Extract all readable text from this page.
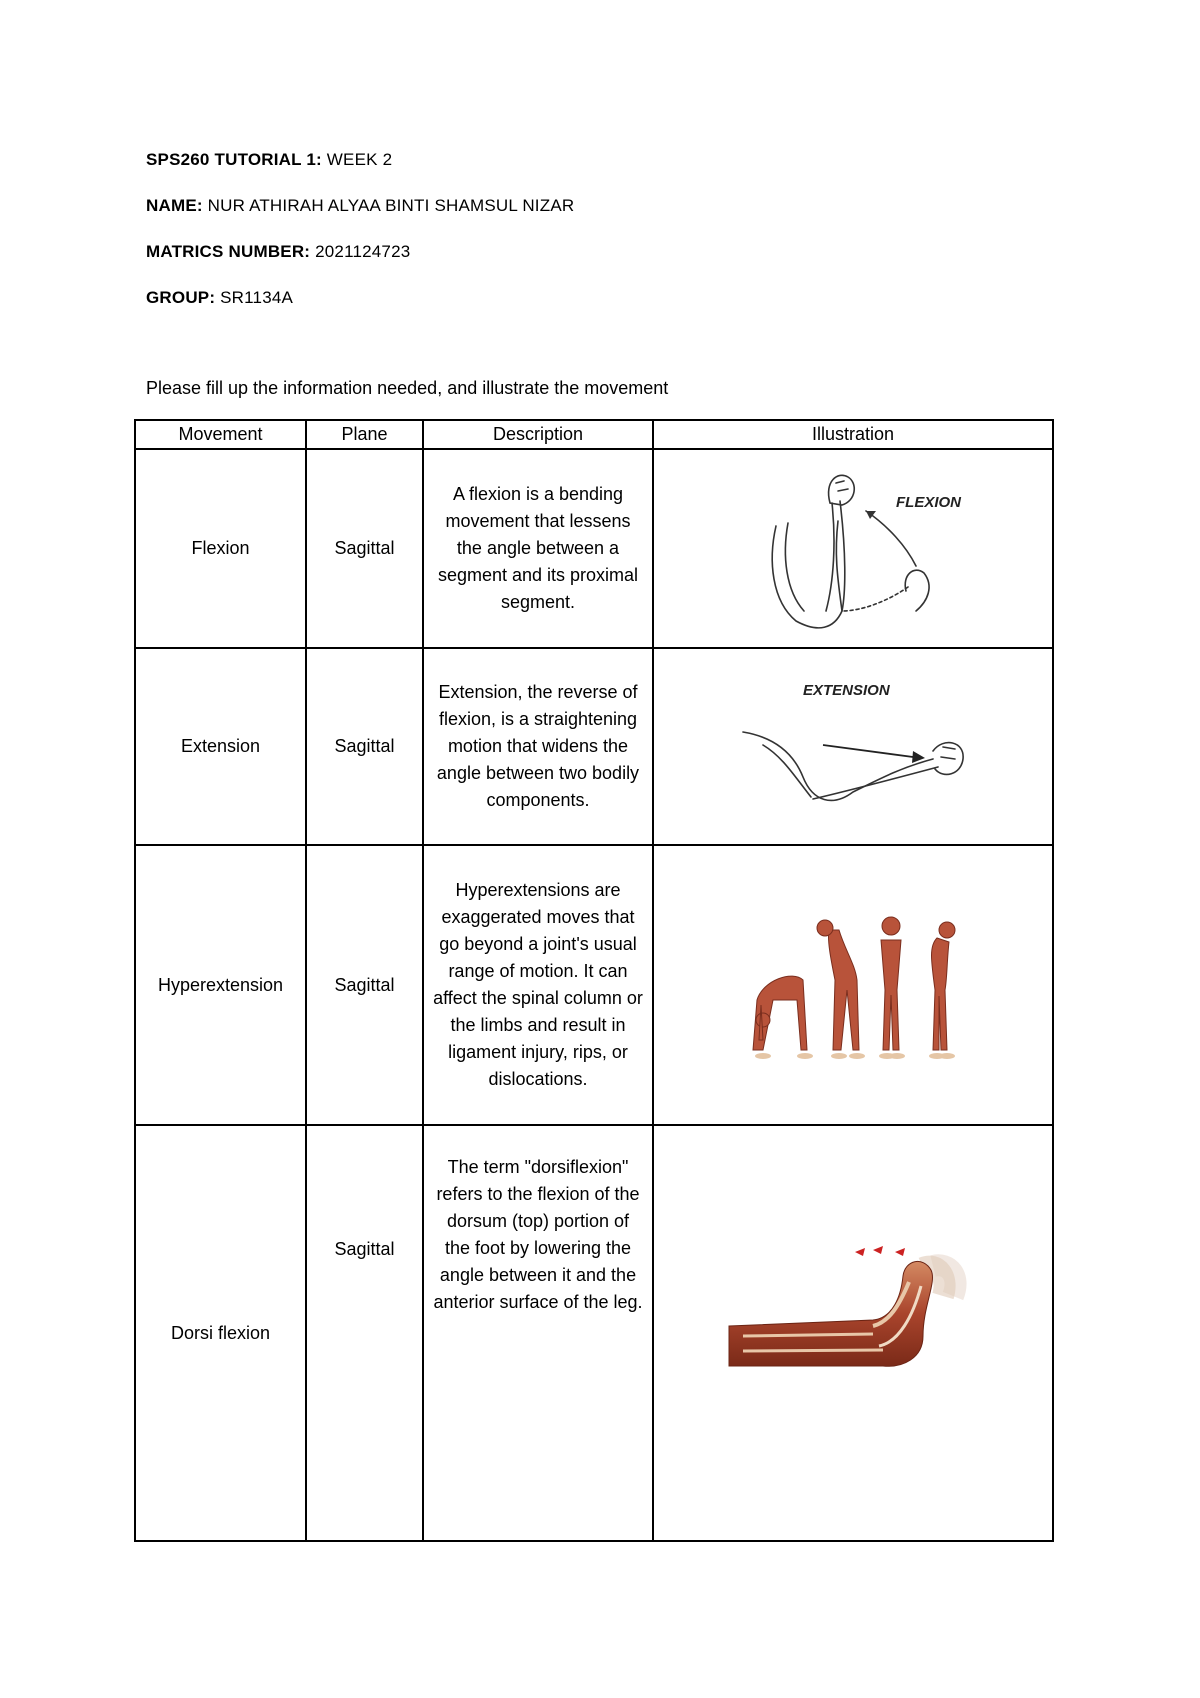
SPS260 TUTORIAL 1: WEEK 2
NAME: NUR ATHIRAH ALYAA BINTI SHAMSUL NIZAR
MATRICS NUMBER: 2021124723
GROUP: SR1134A
Please fill up the information needed, and illustrate the movement
Movement	Plane	Description	Illustration
Flexion	Sagittal	A flexion is a bending movement that lessens the angle between a segment and its proximal segment.	FLEXION

Extension	Sagittal	Extension, the reverse of flexion, is a straightening motion that widens the angle between two bodily components.	EXTENSION

Hyperextension	Sagittal	Hyperextensions are exaggerated moves that go beyond a joint's usual range of motion. It can affect the spinal column or the limbs and result in ligament injury, rips, or dislocations.	

Dorsi flexion	Sagittal	The term "dorsiflexion" refers to the flexion of the dorsum (top) portion of the foot by lowering the angle between it and the anterior surface of the leg.	
